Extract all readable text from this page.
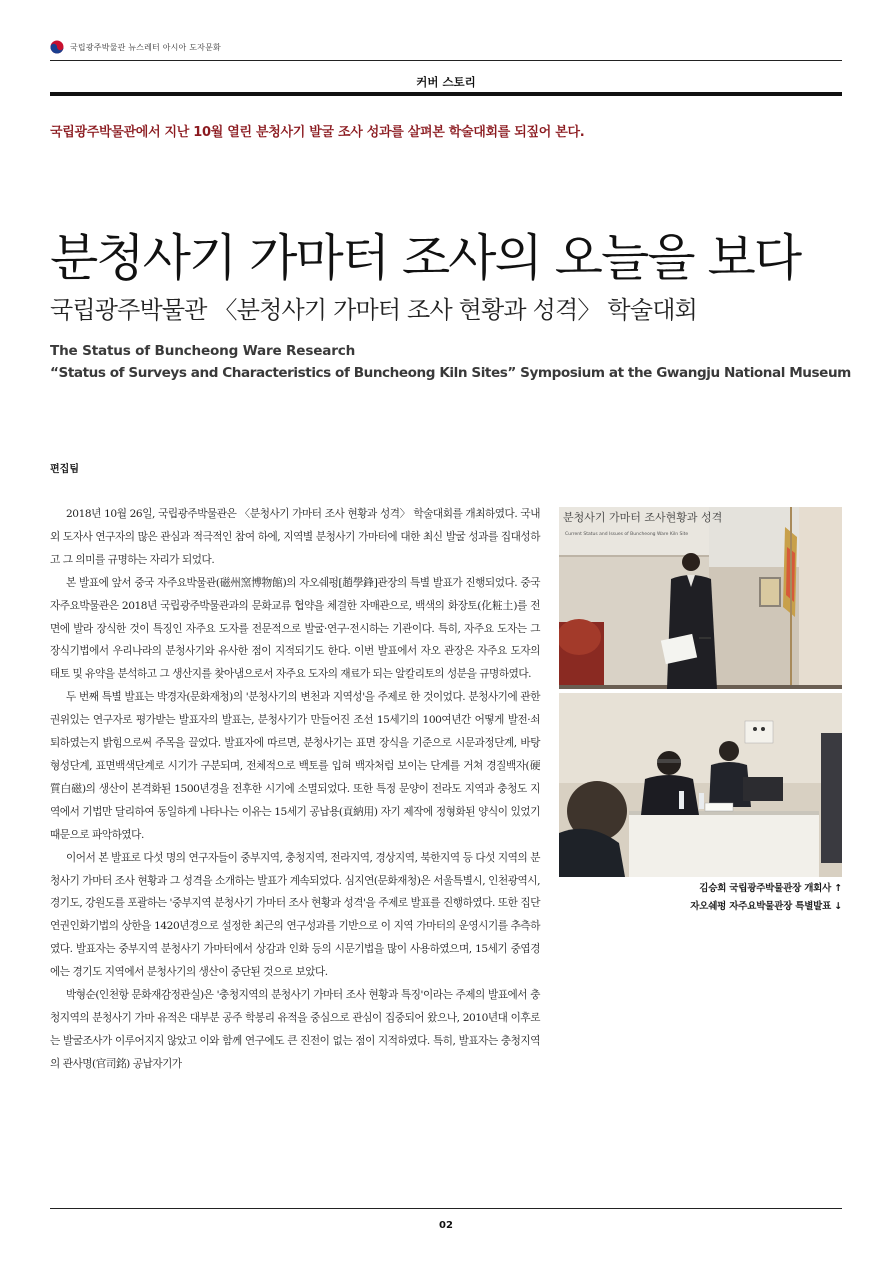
국립광주박물관 뉴스레터 아시아 도자문화
커버 스토리
국립광주박물관에서 지난 10월 열린 분청사기 발굴 조사 성과를 살펴본 학술대회를 되짚어 본다.
분청사기 가마터 조사의 오늘을 보다
국립광주박물관 〈분청사기 가마터 조사 현황과 성격〉 학술대회
The Status of Buncheong Ware Research
“Status of Surveys and Characteristics of Buncheong Kiln Sites” Symposium at the Gwangju National Museum
편집팀

2018년 10월 26일, 국립광주박물관은 〈분청사기 가마터 조사 현황과 성격〉 학술대회를 개최하였다. 국내외 도자사 연구자의 많은 관심과 적극적인 참여 하에, 지역별 분청사기 가마터에 대한 최신 발굴 성과를 집대성하고 그 의미를 규명하는 자리가 되었다.

본 발표에 앞서 중국 자주요박물관(磁州窯博物館)의 자오쉐펑[趙學鋒]관장의 특별 발표가 진행되었다. 중국 자주요박물관은 2018년 국립광주박물관과의 문화교류 협약을 체결한 자매관으로, 백색의 화장토(化粧土)를 전면에 발라 장식한 것이 특징인 자주요 도자를 전문적으로 발굴·연구·전시하는 기관이다. 특히, 자주요 도자는 그 장식기법에서 우리나라의 분청사기와 유사한 점이 지적되기도 한다. 이번 발표에서 자오 관장은 자주요 도자의 태토 및 유약을 분석하고 그 생산지를 찾아냄으로서 자주요 도자의 재료가 되는 알칼리토의 성분을 규명하였다.

두 번째 특별 발표는 박경자(문화재청)의 '분청사기의 변천과 지역성'을 주제로 한 것이었다. 분청사기에 관한 권위있는 연구자로 평가받는 발표자의 발표는, 분청사기가 만들어진 조선 15세기의 100여년간 어떻게 발전·쇠퇴하였는지 밝힘으로써 주목을 끌었다. 발표자에 따르면, 분청사기는 표면 장식을 기준으로 시문과정단계, 바탕형성단계, 표면백색단계로 시기가 구분되며, 전체적으로 백토를 입혀 백자처럼 보이는 단계를 거쳐 경질백자(硬質白磁)의 생산이 본격화된 1500년경을 전후한 시기에 소멸되었다. 또한 특정 문양이 전라도 지역과 충청도 지역에서 기법만 달리하여 동일하게 나타나는 이유는 15세기 공납용(貢納用) 자기 제작에 정형화된 양식이 있었기 때문으로 파악하였다.

이어서 본 발표로 다섯 명의 연구자들이 중부지역, 충청지역, 전라지역, 경상지역, 북한지역 등 다섯 지역의 분청사기 가마터 조사 현황과 그 성격을 소개하는 발표가 계속되었다. 심지연(문화재청)은 서울특별시, 인천광역시, 경기도, 강원도를 포괄하는 '중부지역 분청사기 가마터 조사 현황과 성격'을 주제로 발표를 진행하였다. 또한 집단연권인화기법의 상한을 1420년경으로 설정한 최근의 연구성과를 기반으로 이 지역 가마터의 운영시기를 추측하였다. 발표자는 중부지역 분청사기 가마터에서 상감과 인화 등의 시문기법을 많이 사용하였으며, 15세기 중엽경에는 경기도 지역에서 분청사기의 생산이 중단된 것으로 보았다.

박형순(인천항 문화재감정관실)은 '충청지역의 분청사기 가마터 조사 현황과 특징'이라는 주제의 발표에서 충청지역의 분청사기 가마 유적은 대부분 공주 학봉리 유적을 중심으로 관심이 집중되어 왔으나, 2010년대 이후로는 발굴조사가 이루어지지 않았고 이와 함께 연구에도 큰 진전이 없는 점이 지적하였다. 특히, 발표자는 충청지역의 관사명(官司銘) 공납자기가

분청사기 가마터 조사현황과 성격
Current Status and Issues of Buncheong Ware Kiln Site
김승희 국립광주박물관장 개회사 ↑
자오쉐펑 자주요박물관장 특별발표 ↓
02
